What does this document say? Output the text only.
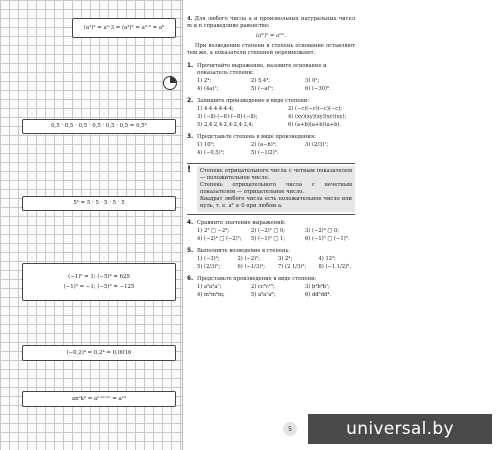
(a²)³ = a²·3 = (a³)² = a²·³ = a⁶
0,5 · 0,5 · 0,5 · 0,5 · 0,5 · 0,5 = 0,5⁶
5⁵ = 5 · 5 · 5 · 5 · 5
(−1)⁶ = 1; (−5)⁴ = 625
(−1)³ = −1; (−5)³ = −125
(−0,2)⁴ = 0,2⁴ = 0,0016
anᵃkᵃ = aⁿ⁺ᵏ⁺ᵐ = a¹³

4. Для любого числа a и произвольных натуральных чисел m и n справедливо равенство:

(aᵐ)ⁿ = aᵐⁿ.

При возведении степени в степень основание оставляют тем же, а показатели степеней перемножают.

1. Прочитайте выражение, назовите основание и показатель степени:
1) 2⁴;	2) 5,4³;	3) 0⁵;
4) (4a)⁷;	5) (−a)⁵;	6) (−30)⁶.
2. Запишите произведение в виде степени:
1) 4·4·4·4·4·4;	2) (−c)(−c)(−c)(−c);
3) (−8)·(−8)·(−8)·(−8);	4) (xy)(xy)(xy)(xy)(xy);
5) 2,4·2,4·2,4·2,4·2,4;	6) (a+b)(a+b)(a+b).
3. Представьте степень в виде произведения:
1) 10⁵;	2) (a−b)⁵;	3) (2/3)⁷;
4) (−0,5)³;	5) (−1/2)⁵.
!	Степень отрицательного числа с четным показателем — положительное число.
Степень отрицательного числа с нечетным показателем — отрицательное число.
Квадрат любого числа есть положительное число или нуль, т. е. a² ≥ 0 при любом a.
4. Сравните значение выражений:
1) 2³ □ −2³;	2) (−2)² □ 0;	3) (−2)³ □ 0;
4) (−2)⁴ □ (−2)⁵;	5) (−1)⁶ □ 1;	6) (−1)⁵ □ (−1)⁸.
5. Выполните возведение в степень:
1) (−3)⁴;	2) (−2)⁵;	3) 2⁴;	4) 12²;
5) (2/3)⁵;	6) (−1/3)³;	7) (2 1/3)²;	8) (−1 1/2)⁵.
6. Представьте произведение в виде степени:
1) a²a⁵a⁷;	2) cc⁵c¹⁵;	3) b³b⁶b⁷;
4) m⁵m⁶m;	5) a⁶a⁷a⁸;	6) dd⁵dd⁴.
5	universal.by
